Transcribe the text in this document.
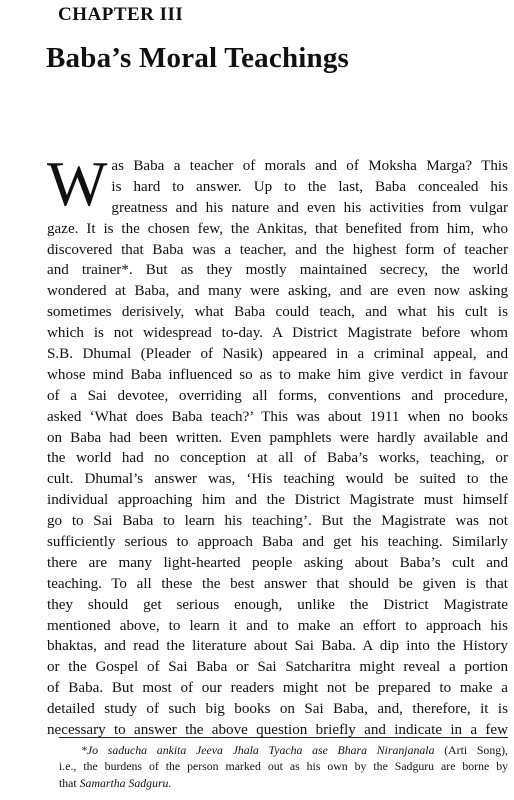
CHAPTER III
Baba’s Moral Teachings
W as Baba a teacher of morals and of Moksha Marga? This
is hard to answer. Up to the last, Baba concealed his
greatness and his nature and even his activities from vulgar
gaze. It is the chosen few, the Ankitas, that benefited from him, who
discovered that Baba was a teacher, and the highest form of teacher
and trainer*. But as they mostly maintained secrecy, the world
wondered at Baba, and many were asking, and are even now asking
sometimes derisively, what Baba could teach, and what his cult is
which is not widespread to-day. A District Magistrate before whom
S.B. Dhumal (Pleader of Nasik) appeared in a criminal appeal, and
whose mind Baba influenced so as to make him give verdict in favour
of a Sai devotee, overriding all forms, conventions and procedure,
asked ‘What does Baba teach?’ This was about 1911 when no books
on Baba had been written. Even pamphlets were hardly available and
the world had no conception at all of Baba’s works, teaching, or
cult. Dhumal’s answer was, ‘His teaching would be suited to the
individual approaching him and the District Magistrate must himself
go to Sai Baba to learn his teaching’. But the Magistrate was not
sufficiently serious to approach Baba and get his teaching. Similarly
there are many light-hearted people asking about Baba’s cult and
teaching. To all these the best answer that should be given is that
they should get serious enough, unlike the District Magistrate
mentioned above, to learn it and to make an effort to approach his
bhaktas, and read the literature about Sai Baba. A dip into the History
or the Gospel of Sai Baba or Sai Satcharitra might reveal a portion
of Baba. But most of our readers might not be prepared to make a
detailed study of such big books on Sai Baba, and, therefore, it is
necessary to answer the above question briefly and indicate in a few
*Jo saducha ankita Jeeva Jhala Tyacha ase Bhara Niranjanala (Arti Song),
i.e., the burdens of the person marked out as his own by the Sadguru are borne by
that Samartha Sadguru.
